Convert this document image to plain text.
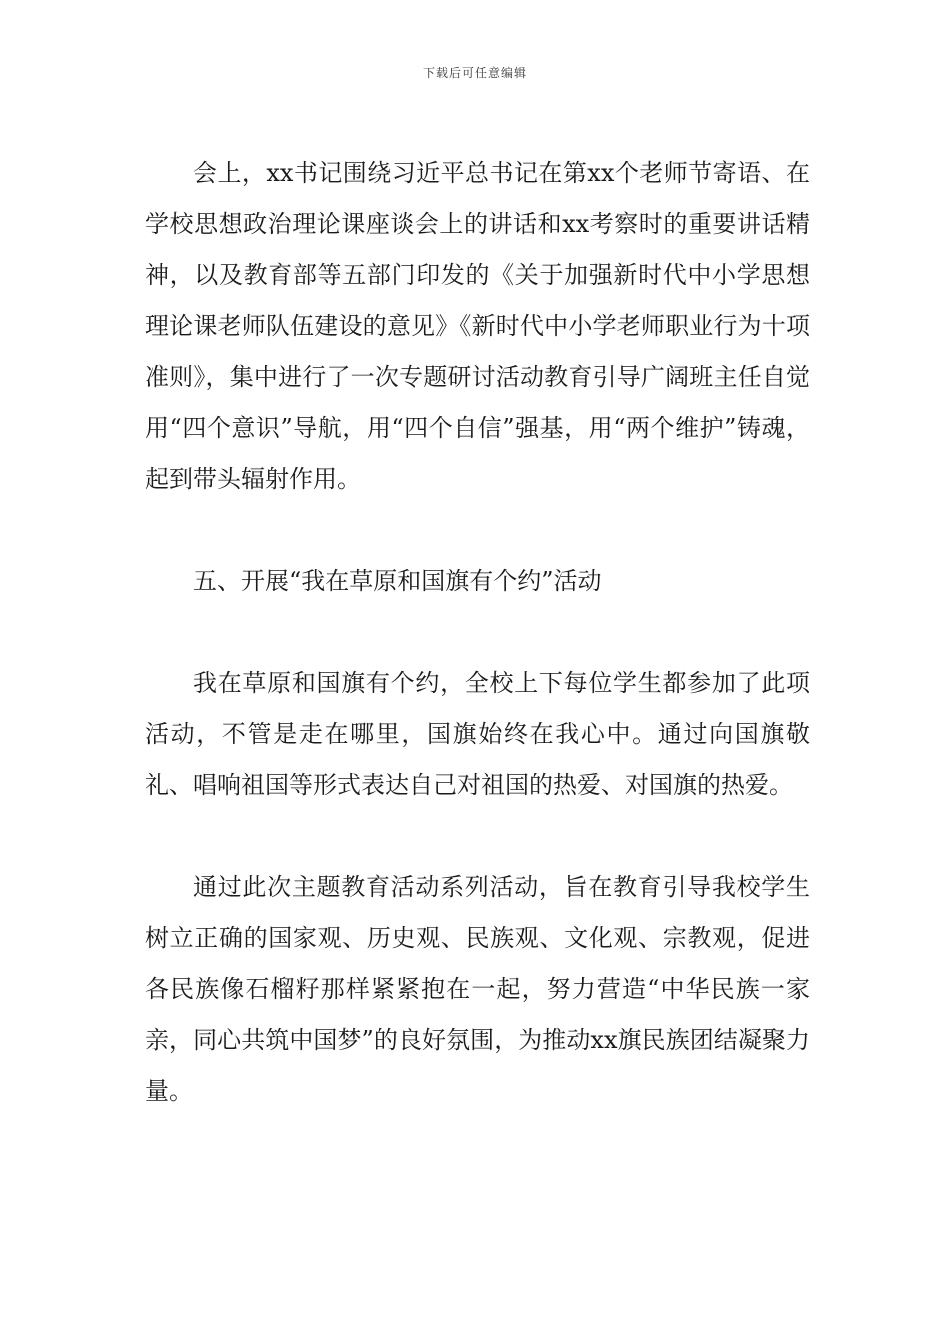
下载后可任意编辑

会上，xx书记围绕习近平总书记在第xx个老师节寄语、在学校思想政治理论课座谈会上的讲话和xx考察时的重要讲话精神，以及教育部等五部门印发的《关于加强新时代中小学思想理论课老师队伍建设的意见》《新时代中小学老师职业行为十项准则》，集中进行了一次专题研讨活动教育引导广阔班主任自觉用“四个意识”导航，用“四个自信”强基，用“两个维护”铸魂，起到带头辐射作用。

五、开展“我在草原和国旗有个约”活动

我在草原和国旗有个约，全校上下每位学生都参加了此项活动，不管是走在哪里，国旗始终在我心中。通过向国旗敬礼、唱响祖国等形式表达自己对祖国的热爱、对国旗的热爱。

通过此次主题教育活动系列活动，旨在教育引导我校学生树立正确的国家观、历史观、民族观、文化观、宗教观，促进各民族像石榴籽那样紧紧抱在一起，努力营造“中华民族一家亲，同心共筑中国梦”的良好氛围，为推动xx旗民族团结凝聚力量。
